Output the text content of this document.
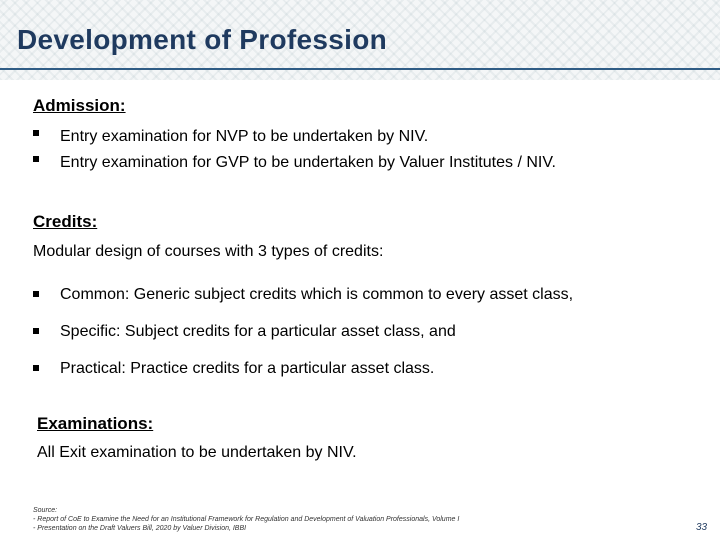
Development of Profession
Admission:
Entry examination for NVP to be undertaken by NIV.
Entry examination for GVP to be undertaken by Valuer Institutes / NIV.
Credits:

Modular design of courses with 3 types of credits:

Common: Generic subject credits which is common to every asset class,
Specific: Subject credits for a particular asset class, and
Practical: Practice credits for a particular asset class.
Examinations:

All Exit examination to be undertaken by NIV.

Source:

- Report of CoE to Examine the Need for an Institutional Framework for Regulation and Development of Valuation Professionals, Volume I

- Presentation on the Draft Valuers Bill, 2020 by Valuer Division, IBBI	33
